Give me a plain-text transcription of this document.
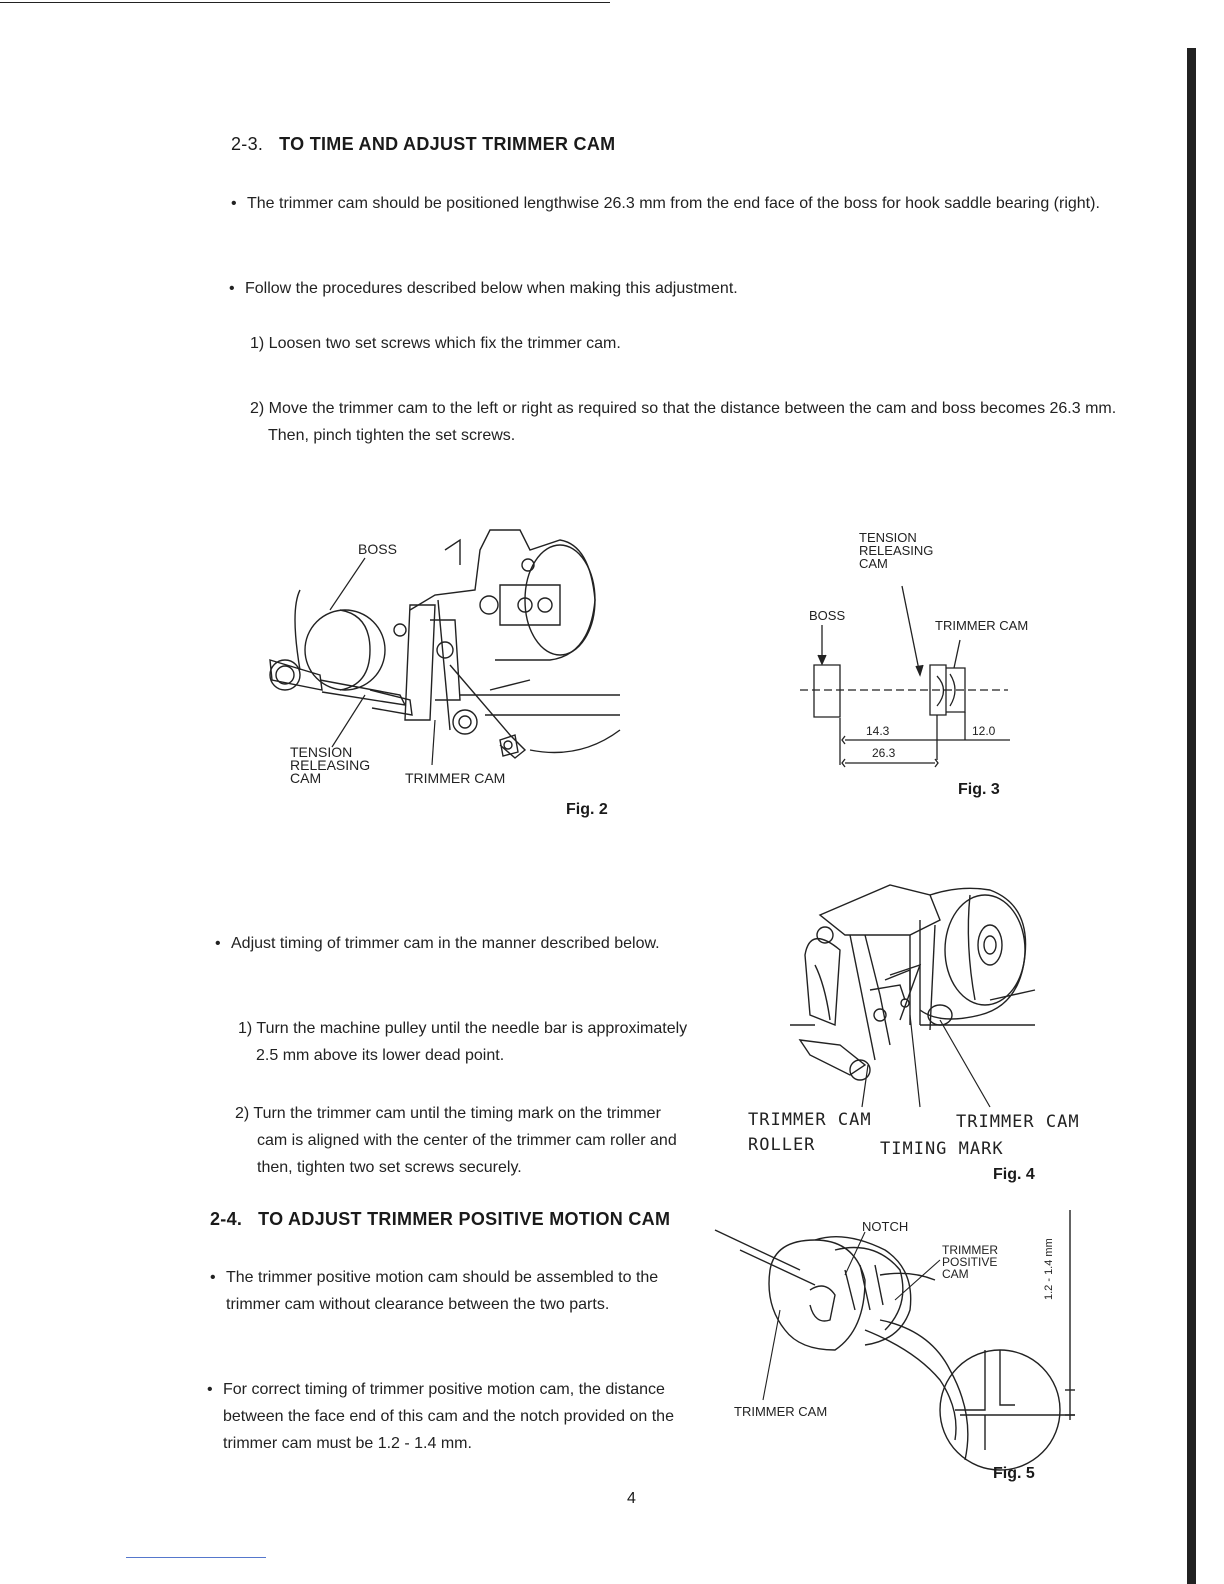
2-3. TO TIME AND ADJUST TRIMMER CAM
• The trimmer cam should be positioned lengthwise 26.3 mm from the end face of the boss for hook saddle bearing (right).
• Follow the procedures described below when making this adjustment.
1) Loosen two set screws which fix the trimmer cam.
2) Move the trimmer cam to the left or right as required so that the distance between the cam and boss becomes 26.3 mm. Then, pinch tighten the set screws.
BOSS
TENSION
RELEASING
CAM	TRIMMER CAM
Fig. 2
TENSION
RELEASING
CAM
BOSS
TRIMMER CAM
14.3
26.3
12.0
Fig. 3
• Adjust timing of trimmer cam in the manner described below.
1) Turn the machine pulley until the needle bar is approximately 2.5 mm above its lower dead point.
2) Turn the trimmer cam until the timing mark on the trimmer cam is aligned with the center of the trimmer cam roller and then, tighten two set screws securely.
TRIMMER CAM
ROLLER
TRIMMER CAM
TIMING MARK
Fig. 4
2-4. TO ADJUST TRIMMER POSITIVE MOTION CAM
• The trimmer positive motion cam should be assembled to the trimmer cam without clearance between the two parts.
• For correct timing of trimmer positive motion cam, the distance between the face end of this cam and the notch provided on the trimmer cam must be 1.2 - 1.4 mm.
NOTCH
TRIMMER
POSITIVE
CAM
TRIMMER CAM
1.2 - 1.4 mm
Fig. 5
4
